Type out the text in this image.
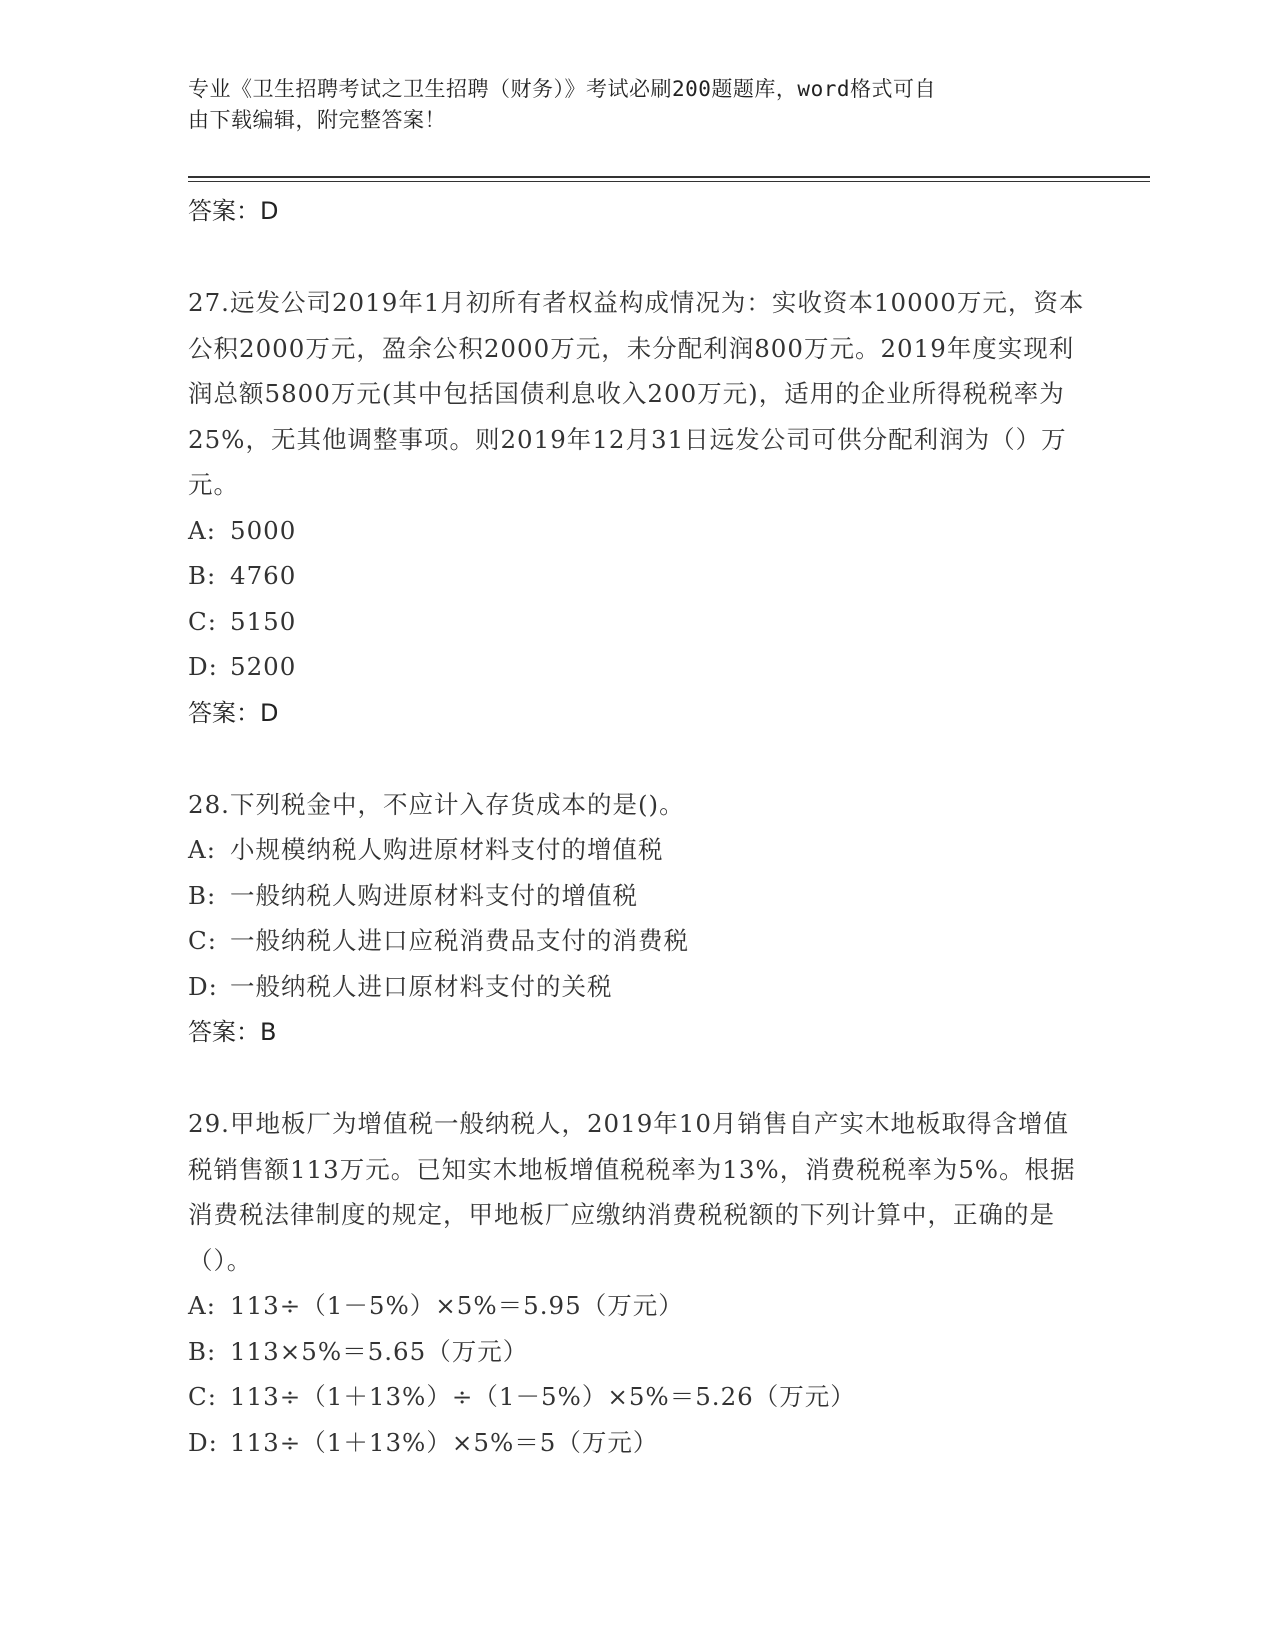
专业《卫生招聘考试之卫生招聘（财务）》考试必刷200题题库，word格式可自
由下载编辑，附完整答案！
答案：D
27.远发公司2019年1月初所有者权益构成情况为：实收资本10000万元，资本公积2000万元，盈余公积2000万元，未分配利润800万元。2019年度实现利润总额5800万元(其中包括国债利息收入200万元)，适用的企业所得税税率为25%，无其他调整事项。则2019年12月31日远发公司可供分配利润为（）万元。
A: 5000
B: 4760
C: 5150
D: 5200
答案：D
28.下列税金中，不应计入存货成本的是()。
A: 小规模纳税人购进原材料支付的增值税
B: 一般纳税人购进原材料支付的增值税
C: 一般纳税人进口应税消费品支付的消费税
D: 一般纳税人进口原材料支付的关税
答案：B
29.甲地板厂为增值税一般纳税人，2019年10月销售自产实木地板取得含增值税销售额113万元。已知实木地板增值税税率为13%，消费税税率为5%。根据消费税法律制度的规定，甲地板厂应缴纳消费税税额的下列计算中，正确的是（）。
A: 113÷（1－5%）×5%＝5.95（万元）
B: 113×5%＝5.65（万元）
C: 113÷（1＋13%）÷（1－5%）×5%＝5.26（万元）
D: 113÷（1＋13%）×5%＝5（万元）
